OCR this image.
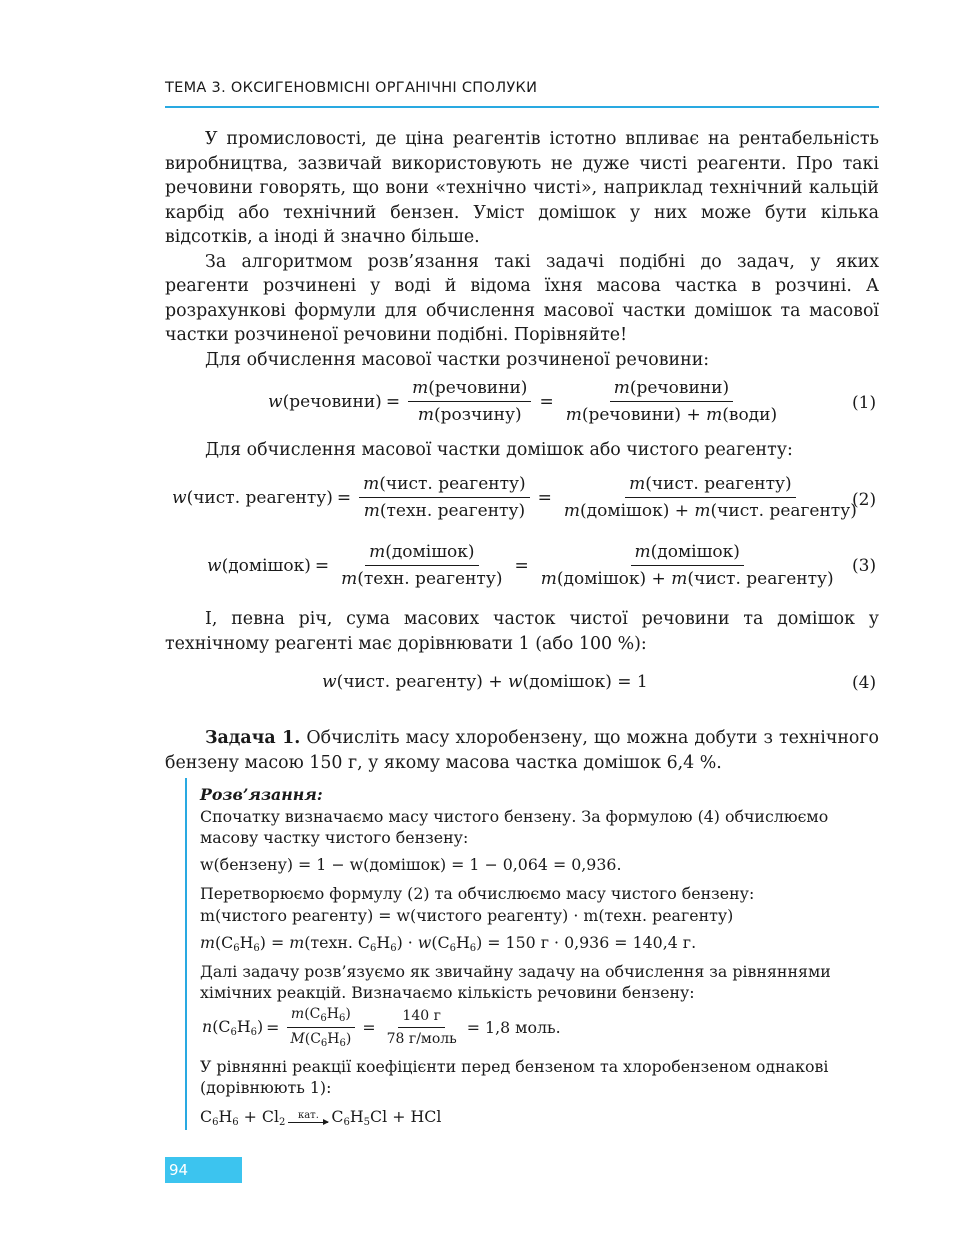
ТЕМА 3. ОКСИГЕНОВМІСНІ ОРГАНІЧНІ СПОЛУКИ

У промисловості, де ціна реагентів істотно впливає на рентабельність виробництва, зазвичай використовують не дуже чисті реагенти. Про такі речовини говорять, що вони «технічно чисті», наприклад технічний кальцій карбід або технічний бензен. Уміст домішок у них може бути кілька відсотків, а іноді й значно більше.

За алгоритмом розв’язання такі задачі подібні до задач, у яких реагенти розчинені у воді й відома їхня масова частка в розчині. А розрахункові формули для обчислення масової частки домішок та масової частки розчиненої речовини подібні. Порівняйте!

Для обчислення масової частки розчиненої речовини:

w(речовини) = $\frac{\text{m(речовини)}}{\text{m(розчину)}} = \frac{\text{m(речовини)}}{\text{m(речовини) + m(води)}}$	(1)

Для обчислення масової частки домішок або чистого реагенту:

w(чист. реагенту) = $\frac{\text{m(чист. реагенту)}}{\text{m(техн. реагенту)}} = \frac{\text{m(чист. реагенту)}}{\text{m(домішок) + m(чист. реагенту)}}$
(2)
w(домішок) = $\frac{\text{m(домішок)}}{\text{m(техн. реагенту)}} = \frac{\text{m(домішок)}}{\text{m(домішок) + m(чист. реагенту)}} (3)$

І, певна річ, сума масових часток чистої речовини та домішок у технічному реагенті має дорівнювати 1 (або 100 %):

w(чист. реагенту) + w(домішок) = 1	(4)

Задача 1. Обчисліть масу хлоробензену, що можна добути з технічного бензену масою 150 г, у якому масова частка домішок 6,4 %.

Розв’язання:

Спочатку визначаємо масу чистого бензену. За формулою (4) обчислюємо масову частку чистого бензену:

w(бензену) = 1 − w(домішок) = 1 − 0,064 = 0,936.

Перетворюємо формулу (2) та обчислюємо масу чистого бензену:

m(чистого реагенту) = w(чистого реагенту) · m(техн. реагенту)

$m(C_6H_6)$ = m(техн. $C_6H_6) \cdot w(C_6H_6) = 150$ г · 0,936 = 140,4 г.

Далі задачу розв’язуємо як звичайну задачу на обчислення за рівняннями хімічних реакцій. Визначаємо кількість речовини бензену:

$n(C_6H_6) = \frac{m(C_6H_6)}{M(C_6H_6)} = \frac{140 г}{\text{78 г/моль}} = 1,8$ моль.

У рівнянні реакції коефіцієнти перед бензеном та хлоробензеном однакові (дорівнюють 1):

$C_6H_6 + Cl_2$
кат. $C_6H_5Cl$ + HCl

94
